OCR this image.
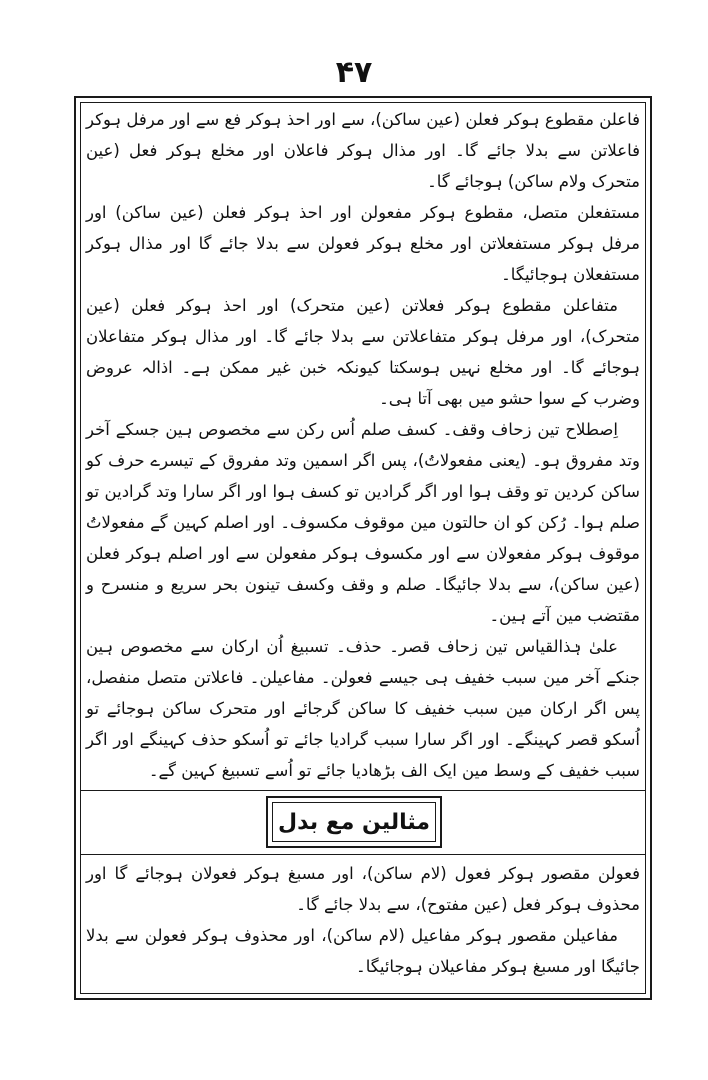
۴۷

فاعلن مقطوع ہوکر فعلن (عین ساکن)، سے اور احذ ہوکر فع سے اور مرفل ہوکر فاعلاتن سے بدلا جائے گا۔ اور مذال ہوکر فاعلان اور مخلع ہوکر فعل (عین متحرک ولام ساکن) ہوجائے گا۔

مستفعلن متصل، مقطوع ہوکر مفعولن اور احذ ہوکر فعلن (عین ساکن) اور مرفل ہوکر مستفعلاتن اور مخلع ہوکر فعولن سے بدلا جائے گا اور مذال ہوکر مستفعلان ہوجائیگا۔

متفاعلن مقطوع ہوکر فعلاتن (عین متحرک) اور احذ ہوکر فعلن (عین متحرک)، اور مرفل ہوکر متفاعلاتن سے بدلا جائے گا۔ اور مذال ہوکر متفاعلان ہوجائے گا۔ اور مخلع نہیں ہوسکتا کیونکہ خبن غیر ممکن ہے۔ اذالہ عروض وضرب کے سوا حشو میں بھی آتا ہی۔

اِصطلاح تین زحاف وقف۔ کسف صلم اُس رکن سے مخصوص ہین جسکے آخر وتد مفروق ہو۔ (یعنی مفعولاتُ)، پس اگر اسمین وتد مفروق کے تیسرے حرف کو ساکن کردین تو وقف ہوا اور اگر گرادین تو کسف ہوا اور اگر سارا وتد گرادین تو صلم ہوا۔ رُکن کو ان حالتون مین موقوف مکسوف۔ اور اصلم کہین گے مفعولاتُ موقوف ہوکر مفعولان سے اور مکسوف ہوکر مفعولن سے اور اصلم ہوکر فعلن (عین ساکن)، سے بدلا جائیگا۔ صلم و وقف وکسف تینون بحر سریع و منسرح و مقتضب مین آتے ہین۔

علیٰ ہٰذالقیاس تین زحاف قصر۔ حذف۔ تسبیغ اُن ارکان سے مخصوص ہین جنکے آخر مین سبب خفیف ہی جیسے فعولن۔ مفاعیلن۔ فاعلاتن متصل منفصل، پس اگر ارکان مین سبب خفیف کا ساکن گرجائے اور متحرک ساکن ہوجائے تو اُسکو قصر کہینگے۔ اور اگر سارا سبب گرادیا جائے تو اُسکو حذف کہینگے اور اگر سبب خفیف کے وسط مین ایک الف بڑھادیا جائے تو اُسے تسبیغ کہین گے۔

مثالین مع بدل

فعولن مقصور ہوکر فعول (لام ساکن)، اور مسبغ ہوکر فعولان ہوجائے گا اور محذوف ہوکر فعل (عین مفتوح)، سے بدلا جائے گا۔

مفاعیلن مقصور ہوکر مفاعیل (لام ساکن)، اور محذوف ہوکر فعولن سے بدلا جائیگا اور مسبغ ہوکر مفاعیلان ہوجائیگا۔
